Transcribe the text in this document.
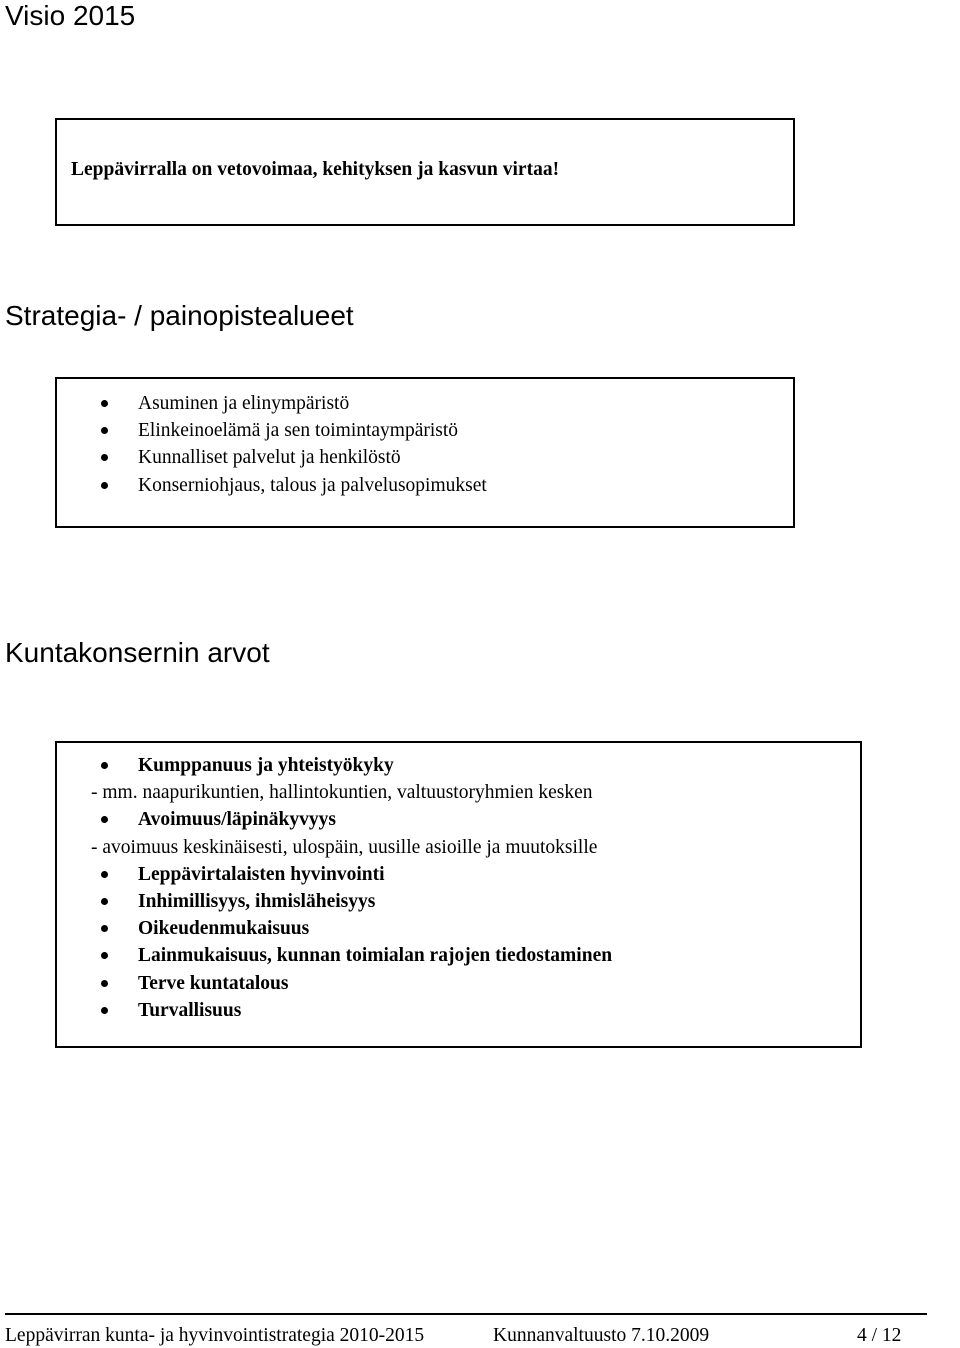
Visio 2015
Leppävirralla on vetovoimaa, kehityksen ja kasvun virtaa!
Strategia- / painopistealueet
Asuminen ja elinympäristö
Elinkeinoelämä ja sen toimintaympäristö
Kunnalliset palvelut ja henkilöstö
Konserniohjaus, talous ja palvelusopimukset
Kuntakonsernin arvot
Kumppanuus ja yhteistyökyky
- mm. naapurikuntien, hallintokuntien, valtuustoryhmien kesken
Avoimuus/läpinäkyvyys
- avoimuus keskinäisesti, ulospäin, uusille asioille ja muutoksille
Leppävirtalaisten hyvinvointi
Inhimillisyys, ihmisläheisyys
Oikeudenmukaisuus
Lainmukaisuus, kunnan toimialan rajojen tiedostaminen
Terve kuntatalous
Turvallisuus
Leppävirran kunta- ja hyvinvointistrategia 2010-2015	Kunnanvaltuusto 7.10.2009	4 / 12
